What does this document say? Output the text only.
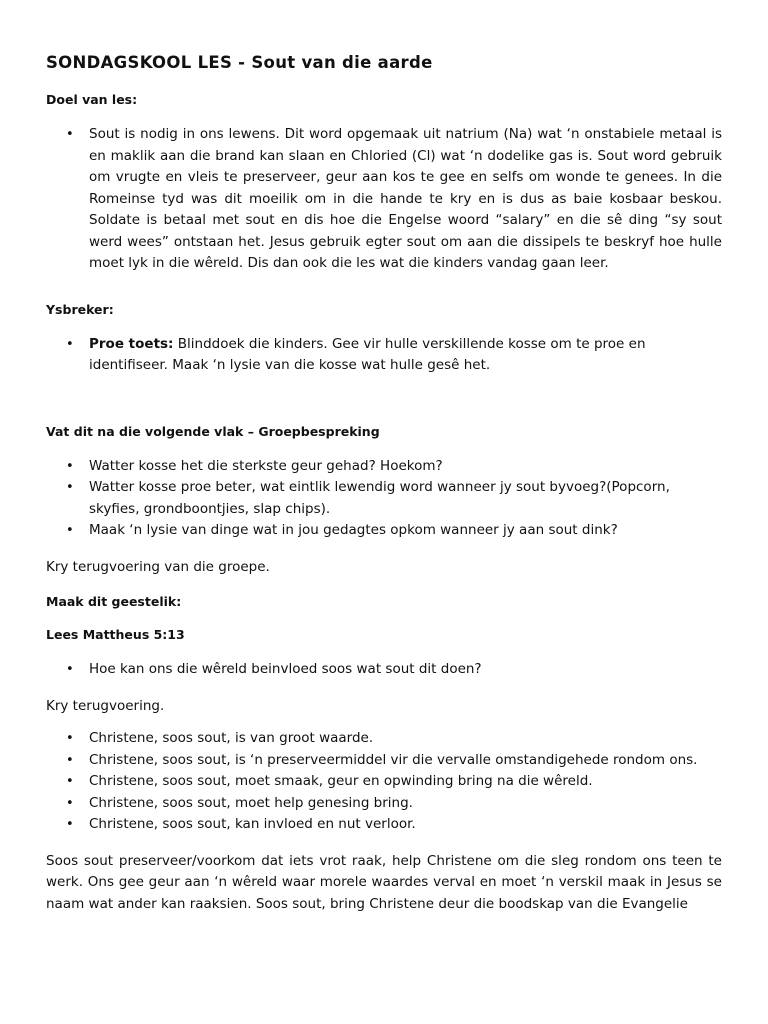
SONDAGSKOOL LES - Sout van die aarde

Doel van les:

• Sout is nodig in ons lewens. Dit word opgemaak uit natrium (Na) wat ‘n onstabiele metaal is en maklik aan die brand kan slaan en Chloried (Cl) wat ‘n dodelike gas is. Sout word gebruik om vrugte en vleis te preserveer, geur aan kos te gee en selfs om wonde te genees. In die Romeinse tyd was dit moeilik om in die hande te kry en is dus as baie kosbaar beskou. Soldate is betaal met sout en dis hoe die Engelse woord “salary” en die sê ding “sy sout werd wees” ontstaan het. Jesus gebruik egter sout om aan die dissipels te beskryf hoe hulle moet lyk in die wêreld. Dis dan ook die les wat die kinders vandag gaan leer.

Ysbreker:

• Proe toets: Blinddoek die kinders. Gee vir hulle verskillende kosse om te proe en identifiseer. Maak ‘n lysie van die kosse wat hulle gesê het.

Vat dit na die volgende vlak – Groepbespreking

• Watter kosse het die sterkste geur gehad? Hoekom?
• Watter kosse proe beter, wat eintlik lewendig word wanneer jy sout byvoeg?(Popcorn, skyfies, grondboontjies, slap chips).
• Maak ‘n lysie van dinge wat in jou gedagtes opkom wanneer jy aan sout dink?

Kry terugvoering van die groepe.

Maak dit geestelik:

Lees Mattheus 5:13

• Hoe kan ons die wêreld beinvloed soos wat sout dit doen?

Kry terugvoering.

• Christene, soos sout, is van groot waarde.
• Christene, soos sout, is ‘n preserveermiddel vir die vervalle omstandigehede rondom ons.
• Christene, soos sout, moet smaak, geur en opwinding bring na die wêreld.
• Christene, soos sout, moet help genesing bring.
• Christene, soos sout, kan invloed en nut verloor.

Soos sout preserveer/voorkom dat iets vrot raak, help Christene om die sleg rondom ons teen te werk. Ons gee geur aan ‘n wêreld waar morele waardes verval en moet ‘n verskil maak in Jesus se naam wat ander kan raaksien. Soos sout, bring Christene deur die boodskap van die Evangelie
